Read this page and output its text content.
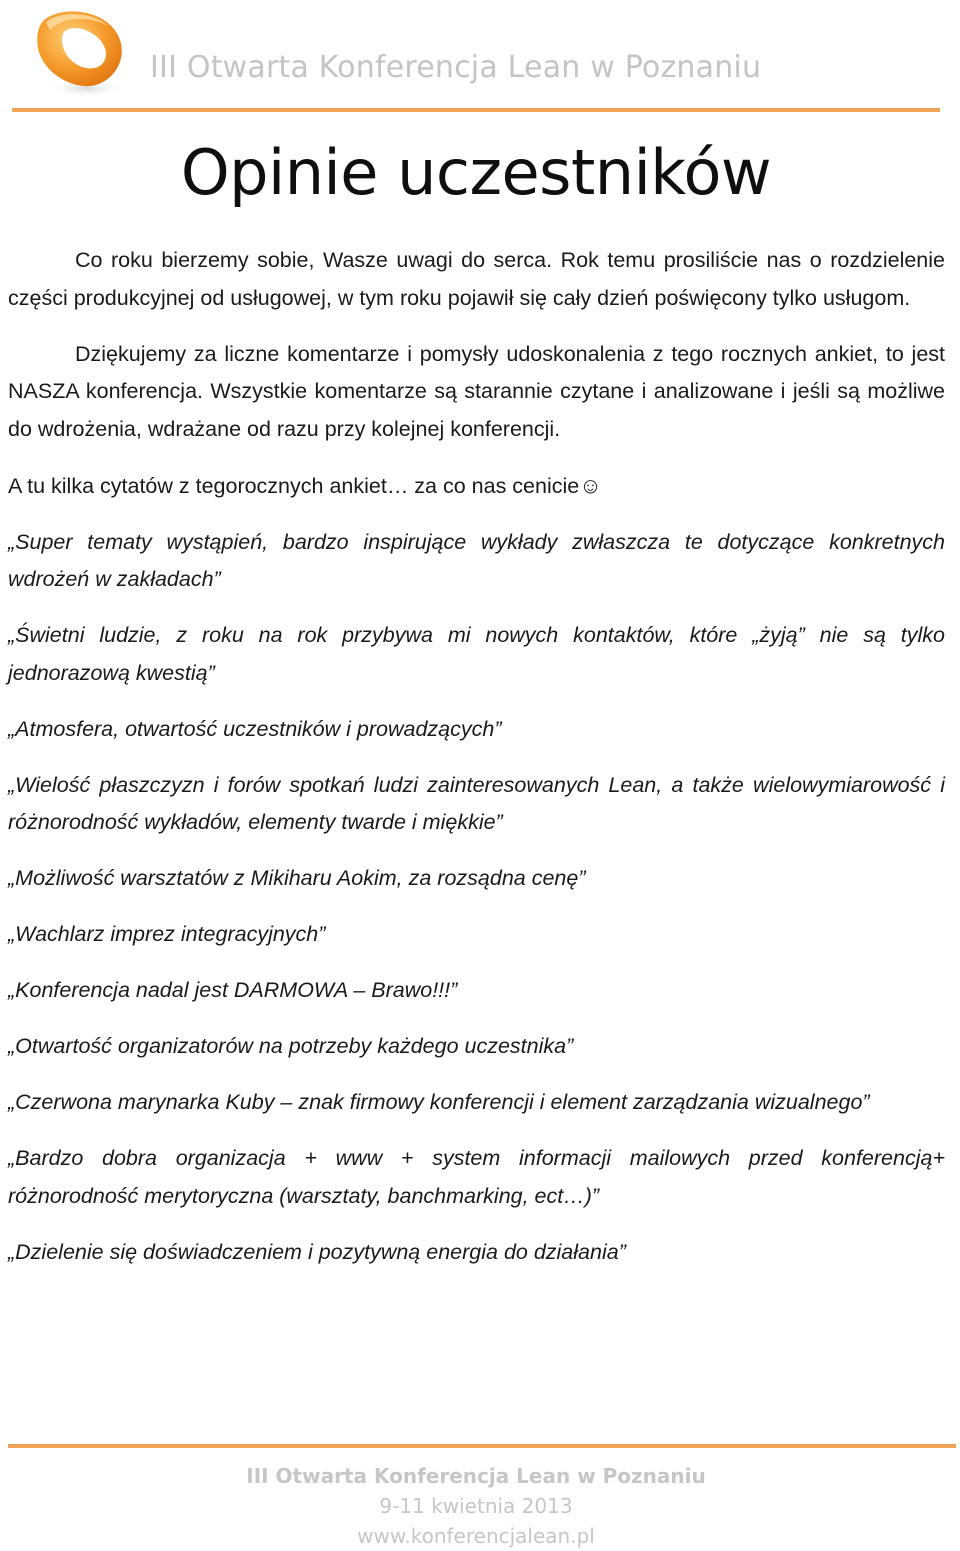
III Otwarta Konferencja Lean w Poznaniu
Opinie uczestników

Co roku bierzemy sobie, Wasze uwagi do serca. Rok temu prosiliście nas o rozdzielenie części produkcyjnej od usługowej, w tym roku pojawił się cały dzień poświęcony tylko usługom.

Dziękujemy za liczne komentarze i pomysły udoskonalenia z tego rocznych ankiet, to jest NASZA konferencja. Wszystkie komentarze są starannie czytane i analizowane i jeśli są możliwe do wdrożenia, wdrażane od razu przy kolejnej konferencji.

A tu kilka cytatów z tegorocznych ankiet… za co nas cenicie☺

„Super tematy wystąpień, bardzo inspirujące wykłady zwłaszcza te dotyczące konkretnych wdrożeń w zakładach”

„Świetni ludzie, z roku na rok przybywa mi nowych kontaktów, które „żyją” nie są tylko jednorazową kwestią”

„Atmosfera, otwartość uczestników i prowadzących”

„Wielość płaszczyzn i forów spotkań ludzi zainteresowanych Lean, a także wielowymiarowość i różnorodność wykładów, elementy twarde i miękkie”

„Możliwość warsztatów z Mikiharu Aokim, za rozsądna cenę”

„Wachlarz imprez integracyjnych”

„Konferencja nadal jest DARMOWA – Brawo!!!”

„Otwartość organizatorów na potrzeby każdego uczestnika”

„Czerwona marynarka Kuby – znak firmowy konferencji i element zarządzania wizualnego”

„Bardzo dobra organizacja + www + system informacji mailowych przed konferencją+ różnorodność merytoryczna (warsztaty, banchmarking, ect…)”

„Dzielenie się doświadczeniem i pozytywną energia do działania”

III Otwarta Konferencja Lean w Poznaniu
9-11 kwietnia 2013
www.konferencjalean.pl
